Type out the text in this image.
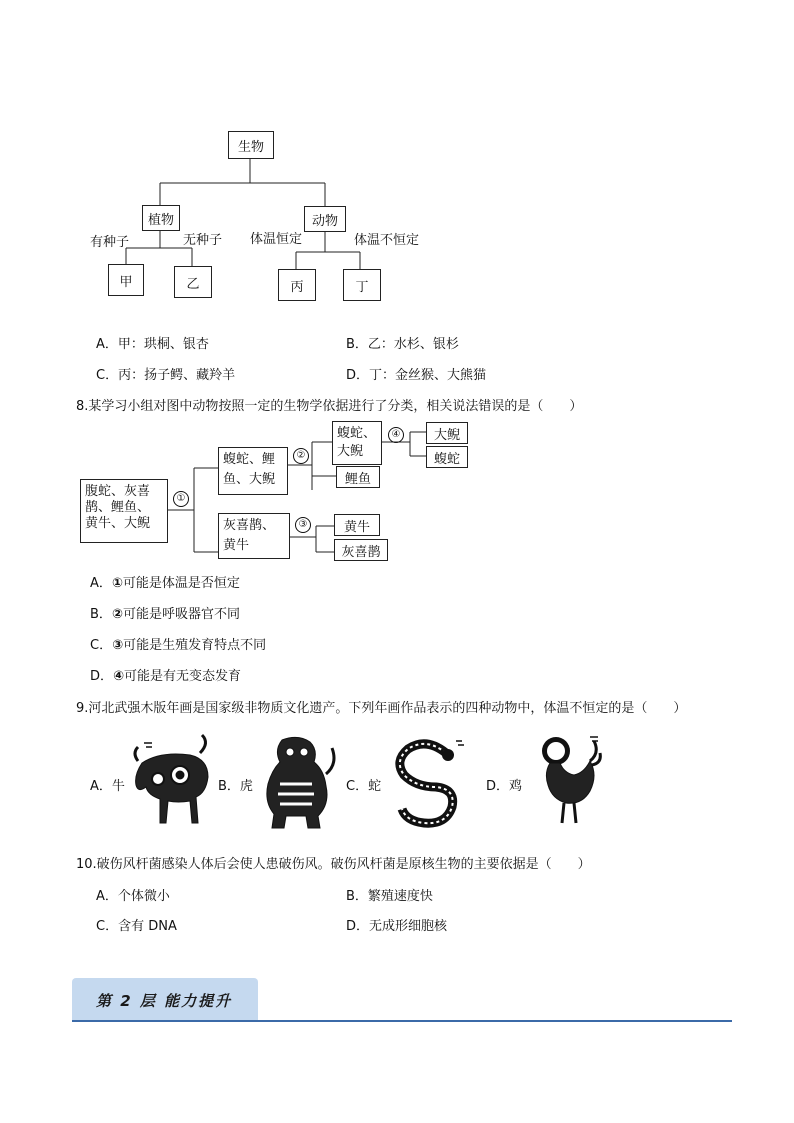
生物
植物	动物
有种子	无种子 体温恒定	体温不恒定
甲	乙	丙	丁
A．甲：珙桐、银杏	B．乙：水杉、银杉
C．丙：扬子鳄、藏羚羊	D．丁：金丝猴、大熊猫
8.某学习小组对图中动物按照一定的生物学依据进行了分类，相关说法错误的是（　　）
腹蛇、灰喜
鹊、鲤鱼、
黄牛、大鲵
①
蝮蛇、鲤
鱼、大鲵
②
灰喜鹊、
黄牛
③
蝮蛇、
大鲵
④
鲤鱼
大鲵
蝮蛇
黄牛
灰喜鹊
A．①可能是体温是否恒定
B．②可能是呼吸器官不同
C．③可能是生殖发育特点不同
D．④可能是有无变态发育
9.河北武强木版年画是国家级非物质文化遗产。下列年画作品表示的四种动物中，体温不恒定的是（　　）
A．牛	B．虎	C．蛇	D．鸡
10.破伤风杆菌感染人体后会使人患破伤风。破伤风杆菌是原核生物的主要依据是（　　）
A．个体微小	B．繁殖速度快
C．含有 DNA	D．无成形细胞核
第 2 层 能力提升
